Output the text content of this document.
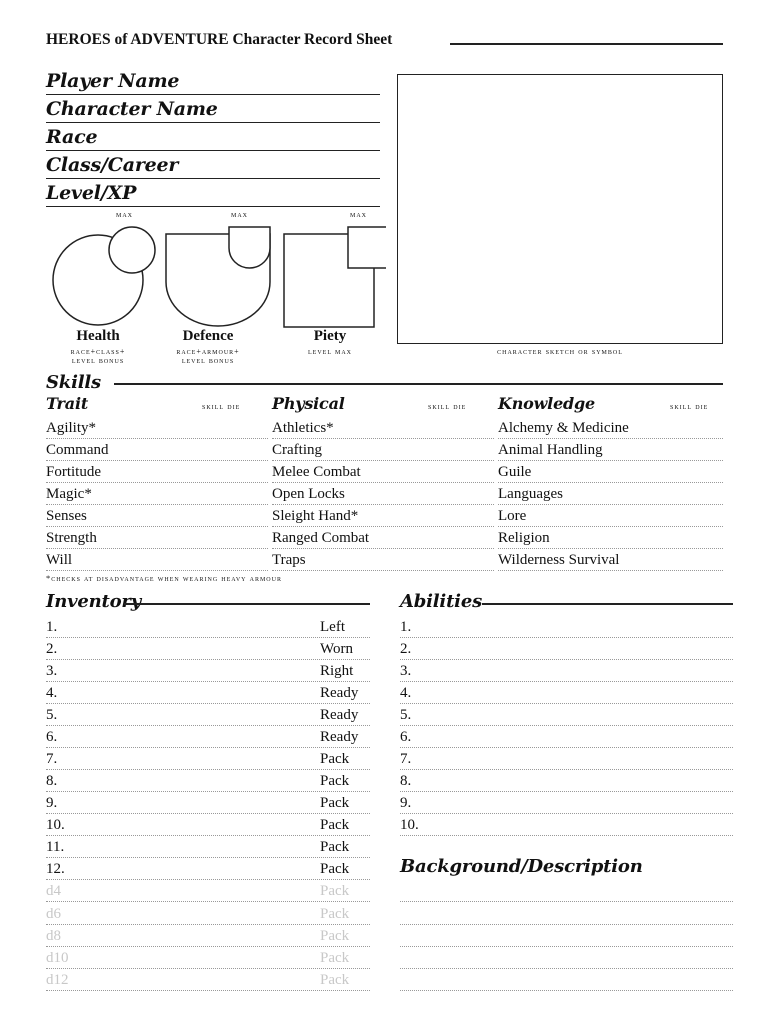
HEROES of ADVENTURE Character Record Sheet
Player Name
Character Name
Race
Class/Career
Level/XP
character sketch or symbol
max	max	max
Health
race+class+
level bonus
Defence
race+armour+
level bonus
Piety
level max
Skills
Trait	skill die
Agility*
Command
Fortitude
Magic*
Senses
Strength
Will
Physical	skill die
Athletics*
Crafting
Melee Combat
Open Locks
Sleight Hand*
Ranged Combat
Traps
Knowledge	skill die
Alchemy & Medicine
Animal Handling
Guile
Languages
Lore
Religion
Wilderness Survival
*checks at disadvantage when wearing heavy armour
Inventory
1.	Left
2.	Worn
3.	Right
4.	Ready
5.	Ready
6.	Ready
7.	Pack
8.	Pack
9.	Pack
10.	Pack
11.	Pack
12.	Pack
d4	Pack
d6	Pack
d8	Pack
d10	Pack
d12	Pack
Abilities
1.
2.
3.
4.
5.
6.
7.
8.
9.
10.
Background/Description
